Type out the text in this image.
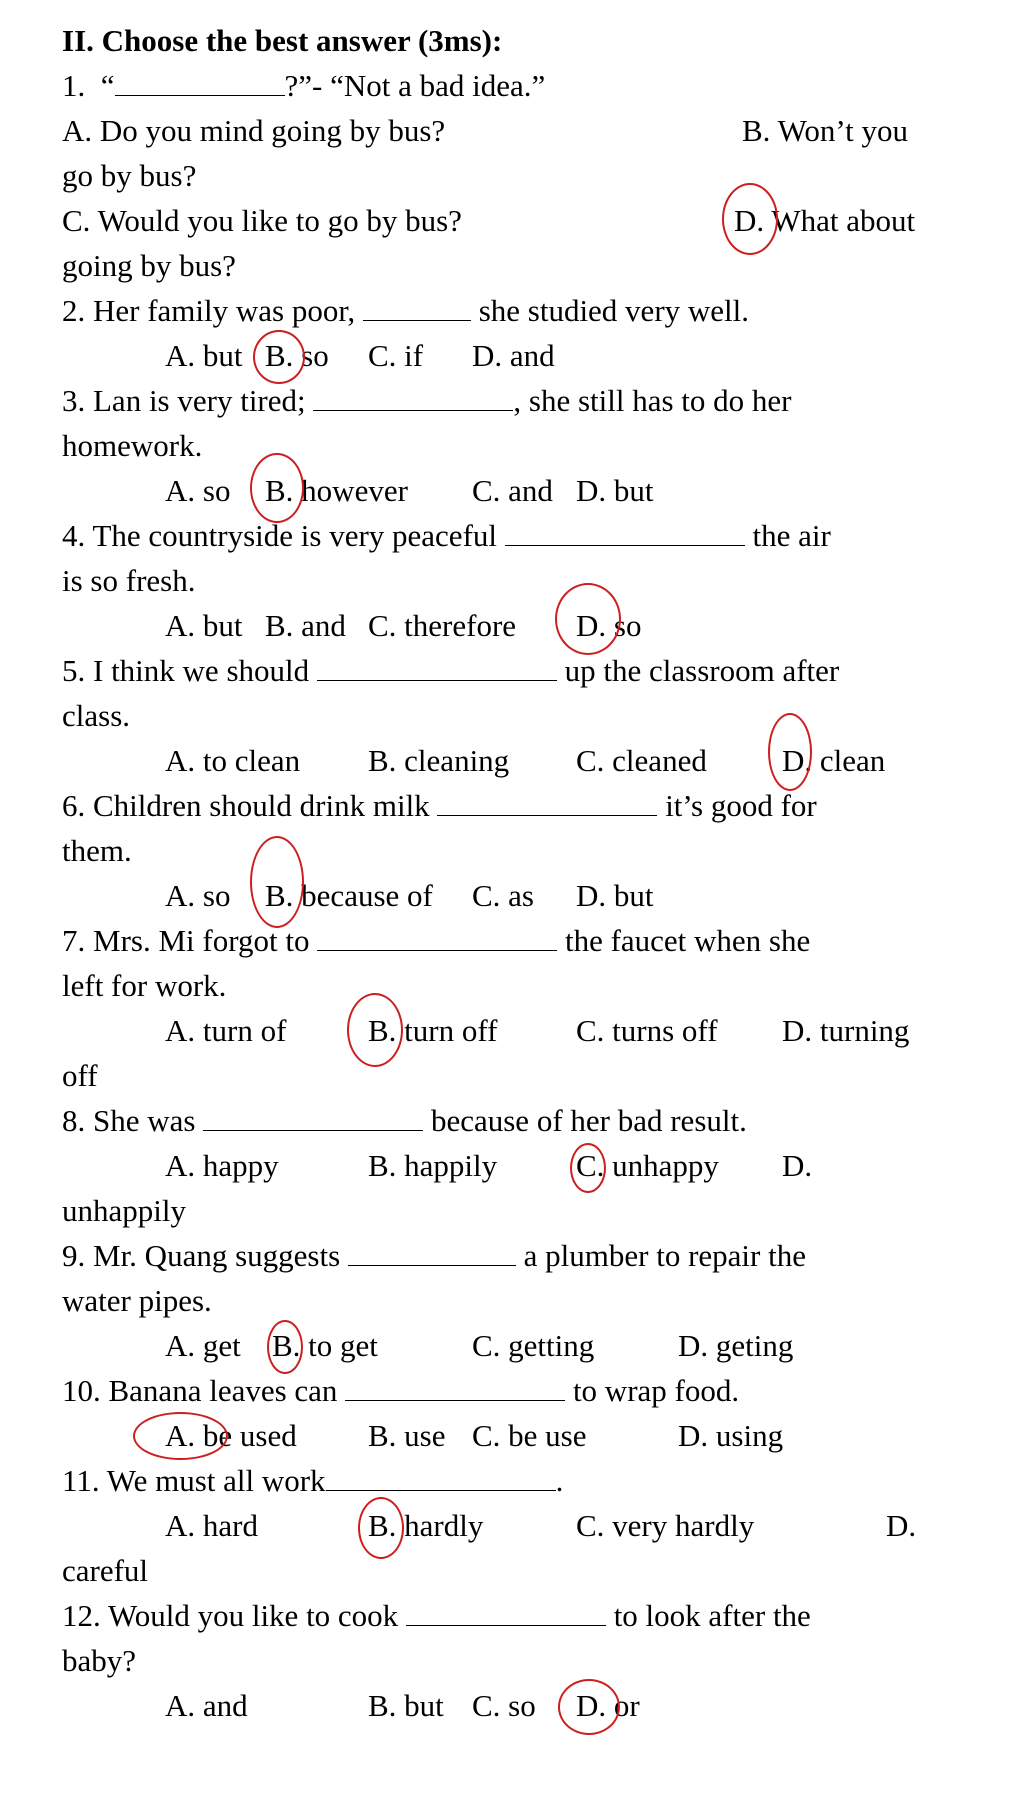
II. Choose the best answer (3ms):
1.  “	?”- “Not a bad idea.”
A. Do you mind going by bus?	B. Won’t you
go by bus?
C. Would you like to go by bus?	D. What about
going by bus?
2. Her family was poor,	she studied very well.
A. but B. so C. if D. and
3. Lan is very tired;	, she still has to do her
homework.
A. so B. however C. and D. but
4. The countryside is very peaceful	the air
is so fresh.
A. but B. and C. therefore D. so
5. I think we should	up the classroom after
class.
A. to clean B. cleaning C. cleaned D. clean
6. Children should drink milk	it’s good for
them.
A. so B. because of C. as D. but
7. Mrs. Mi forgot to	the faucet when she
left for work.
A. turn of	B. turn off	C. turns off D. turning
off
8. She was	because of her bad result.
A. happy	B. happily	C. unhappy D.
unhappily
9. Mr. Quang suggests	a plumber to repair the
water pipes.
A. get B. to get	C. getting	D. geting
10. Banana leaves can	to wrap food.
A. be used B. use C. be use	D. using
11. We must all work	.
A. hard	B. hardly	C. very hardly	D.
careful
12. Would you like to cook	to look after the
baby?
A. and	B. but C. so D. or
